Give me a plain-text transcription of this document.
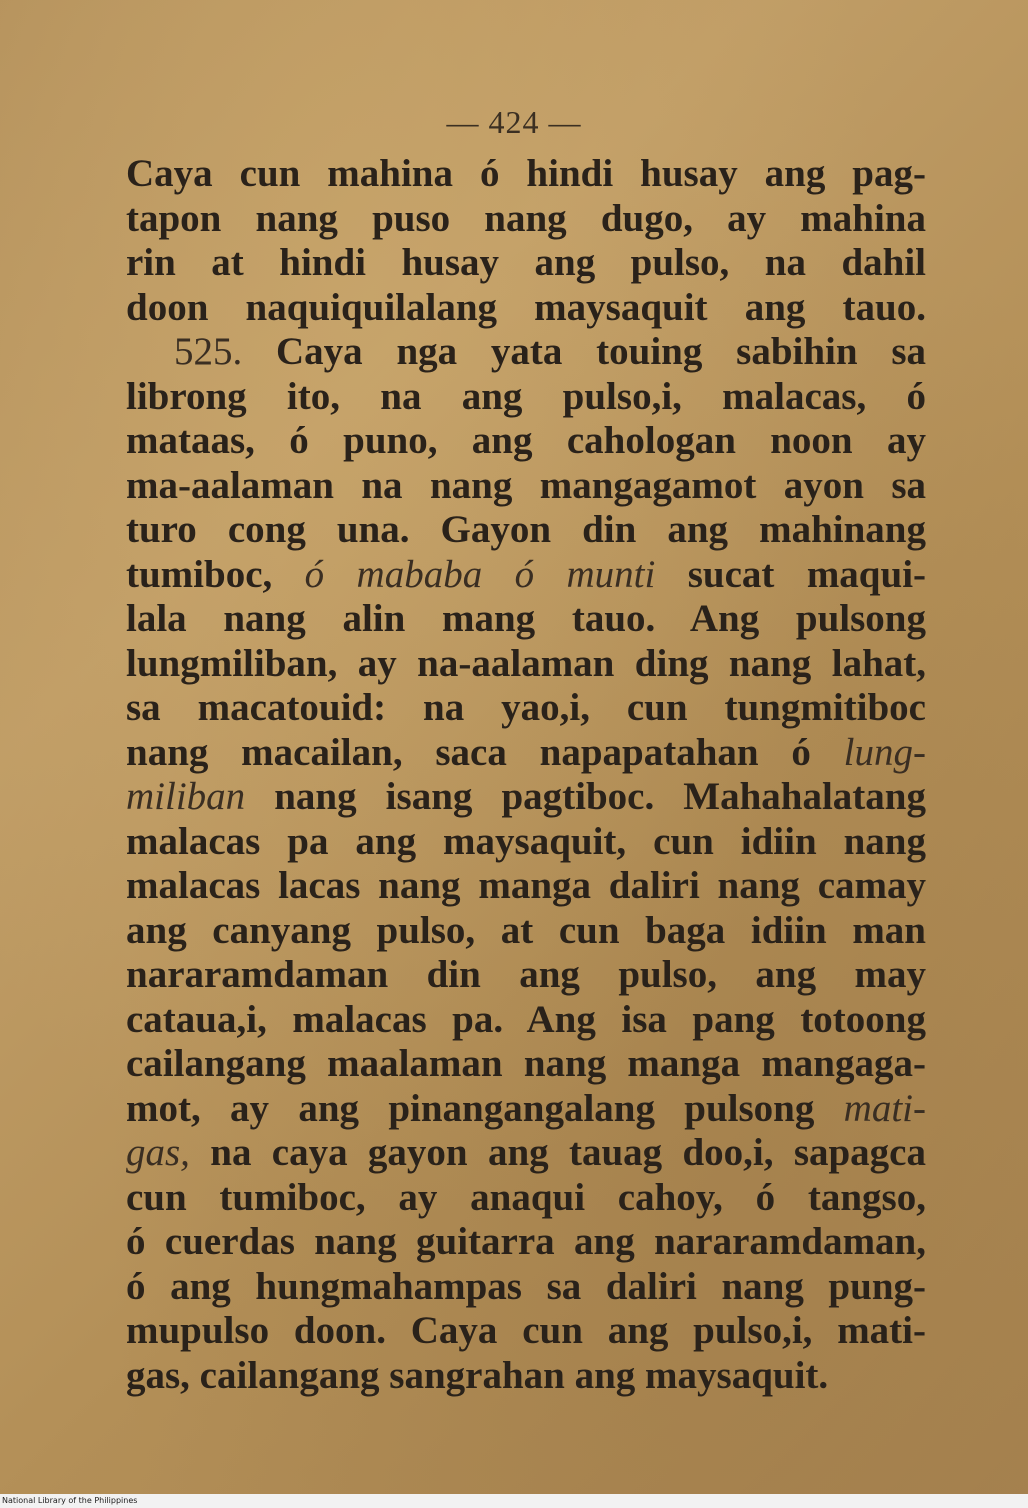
— 424 —
Caya cun mahina ó hindi husay ang pag-
tapon nang puso nang dugo, ay mahina
rin at hindi husay ang pulso, na dahil
doon naquiquilalang maysaquit ang tauo.
525. Caya nga yata touing sabihin sa
librong ito, na ang pulso,i, malacas, ó
mataas, ó puno, ang cahologan noon ay
ma-aalaman na nang mangagamot ayon sa
turo cong una. Gayon din ang mahinang
tumiboc, ó mababa ó munti sucat maqui-
lala nang alin mang tauo. Ang pulsong
lungmiliban, ay na-aalaman ding nang lahat,
sa macatouid: na yao,i, cun tungmitiboc
nang macailan, saca napapatahan ó lung-
miliban nang isang pagtiboc. Mahahalatang
malacas pa ang maysaquit, cun idiin nang
malacas lacas nang manga daliri nang camay
ang canyang pulso, at cun baga idiin man
nararamdaman din ang pulso, ang may
cataua,i, malacas pa. Ang isa pang totoong
cailangang maalaman nang manga mangaga-
mot, ay ang pinangangalang pulsong mati-
gas, na caya gayon ang tauag doo,i, sapagca
cun tumiboc, ay anaqui cahoy, ó tangso,
ó cuerdas nang guitarra ang nararamdaman,
ó ang hungmahampas sa daliri nang pung-
mupulso doon. Caya cun ang pulso,i, mati-
gas, cailangang sangrahan ang maysaquit.
National Library of the Philippines
